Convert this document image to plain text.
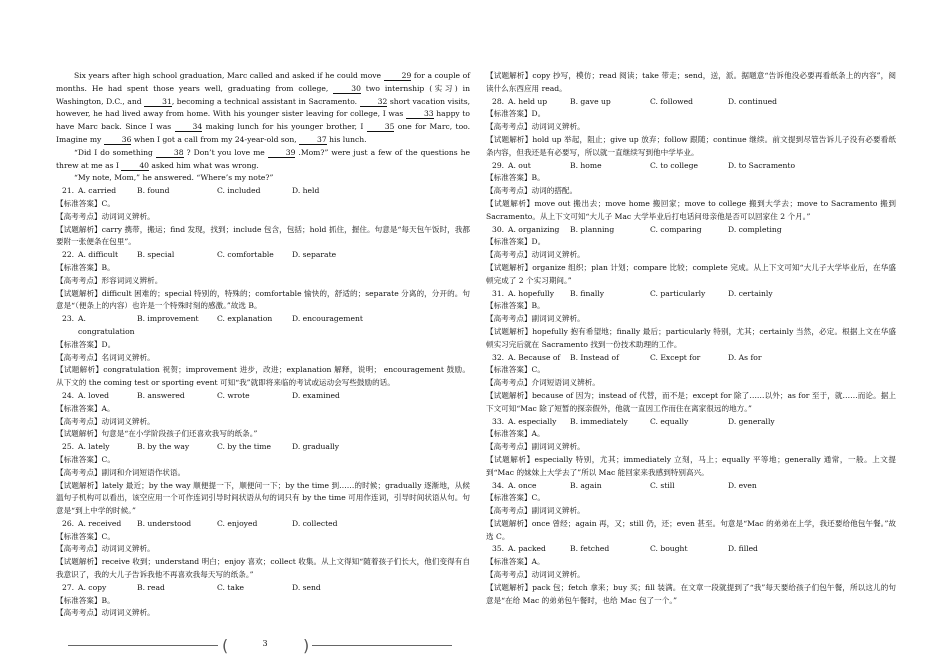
Six years after high school graduation, Marc called and asked if he could move 29 for a couple of months. He had spent those years well, graduating from college, 30 two internship (实习) in Washington, D.C., and 31, becoming a technical assistant in Sacramento. 32 short vacation visits, however, he had lived away from home. With his younger sister leaving for college, I was 33 happy to have Marc back. Since I was 34 making lunch for his younger brother, I 35 one for Marc, too. Imagine my 36 when I got a call from my 24-year-old son, 37 his lunch.

“Did I do something 38 ? Don’t you love me 39 .Mom?” were just a few of the questions he threw at me as I 40 asked him what was wrong.

“My note, Mom,” he answered. “Where’s my note?”

21. A. carried	B. found	C. included	D. held

【标准答案】C。

【高考考点】动词词义辨析。

【试题解析】carry 携带，搬运；find 发现，找到；include 包含，包括；hold 抓住，握住。句意是“每天包午饭时，我都要附一张便条在包里”。

22. A. difficult	B. special	C. comfortable	D. separate

【标准答案】B。

【高考考点】形容词词义辨析。

【试题解析】difficult 困难的；special 特别的，特殊的；comfortable 愉快的，舒适的；separate 分离的，分开的。句意是“（便条上的内容）也许是一个特殊时刻的感激。”故选 B。

23. A. congratulation
B. improvement	C. explanation	D. encouragement

【标准答案】D。

【高考考点】名词词义辨析。

【试题解析】congratulation 祝贺；improvement 进步，改进；explanation 解释，说明； encouragement 鼓励。从下文的 the coming test or sporting event 可知“我”就即将来临的考试或运动会写些鼓励的话。

24. A. loved	B. answered	C. wrote	D. examined

【标准答案】A。

【高考考点】动词词义辨析。

【试题解析】句意是“在小学阶段孩子们还喜欢我写的纸条。”

25. A. lately	B. by the way	C. by the time	D. gradually

【标准答案】C。

【高考考点】副词和介词短语作状语。

【试题解析】lately 最近；by the way 顺便提一下，顺便问一下；by the time 到……的时候；gradually 逐渐地，从候温句子机构可以看出，该空应用一个可作连词引导时间状语从句的词只有 by the time 可用作连词，引导时间状语从句。句意是“到上中学的时候。”

26. A. received	B. understood	C. enjoyed	D. collected

【标准答案】C。

【高考考点】动词词义辨析。

【试题解析】receive 收到；understand 明白；enjoy 喜欢；collect 收集。从上文得知“随着孩子们长大，他们变得有自我意识了，我的大儿子告诉我他不再喜欢我每天写的纸条。”

27. A. copy	B. read	C. take	D. send

【标准答案】B。

【高考考点】动词词义辨析。

【试题解析】copy 抄写，模仿；read 阅读；take 带走；send，送，派。据题意“告诉他没必要再看纸条上的内容”，阅读什么东西应用 read。

28. A. held up	B. gave up	C. followed	D. continued

【标准答案】D。

【高考考点】动词词义辨析。

【试题解析】hold up 举起，阻止；give up 放弃；follow 跟随；continue 继续。前文提到尽管告诉儿子没有必要看纸条内容，但我还是有必要写，所以就一直继续写到他中学毕业。

29. A. out	B. home	C. to college	D. to Sacramento

【标准答案】B。

【高考考点】动词的搭配。

【试题解析】move out 搬出去；move home 搬回家；move to college 搬到大学去；move to Sacramento 搬到 Sacramento。从上下文可知“大儿子 Mac 大学毕业后打电话问母亲他是否可以回家住 2 个月。”

30. A. organizing	B. planning	C. comparing	D. completing

【标准答案】D。

【高考考点】动词词义辨析。

【试题解析】organize 组织；plan 计划；compare 比较；complete 完成。从上下文可知“大儿子大学毕业后，在华盛顿完成了 2 个实习期间。”

31. A. hopefully	B. finally	C. particularly	D. certainly

【标准答案】B。

【高考考点】副词词义辨析。

【试题解析】hopefully 抱有希望地；finally 最后；particularly 特别，尤其；certainly 当然，必定。根据上文在华盛顿实习完后就在 Sacramento 找到一份技术助理的工作。

32. A. Because of	B. Instead of	C. Except for	D. As for

【标准答案】C。

【高考考点】介词短语词义辨析。

【试题解析】because of 因为；instead of 代替，而不是；except for 除了……以外；as for 至于，就……而论。据上下文可知“Mac 除了短暂的探亲假外，他就一直因工作而住在离家很远的地方。”

33. A. especially	B. immediately	C. equally	D. generally

【标准答案】A。

【高考考点】副词词义辨析。

【试题解析】especially 特别，尤其；immediately 立刻，马上；equally 平等地；generally 通常，一般。上文提到“Mac 的妹妹上大学去了”所以 Mac 能回家来我感到特别高兴。

34. A. once	B. again	C. still	D. even

【标准答案】C。

【高考考点】副词词义辨析。

【试题解析】once 曾经；again 再，又；still 仍，还；even 甚至。句意是“Mac 的弟弟在上学，我还要给他包午餐。”故选 C。

35. A. packed	B. fetched	C. bought	D. filled

【标准答案】A。

【高考考点】动词词义辨析。

【试题解析】pack 包；fetch 拿来；buy 买；fill 装满。在文章一段就提到了“我”每天要给孩子们包午餐，所以这儿的句意是“在给 Mac 的弟弟包午餐时，也给 Mac 包了一个。”

(	3 )
